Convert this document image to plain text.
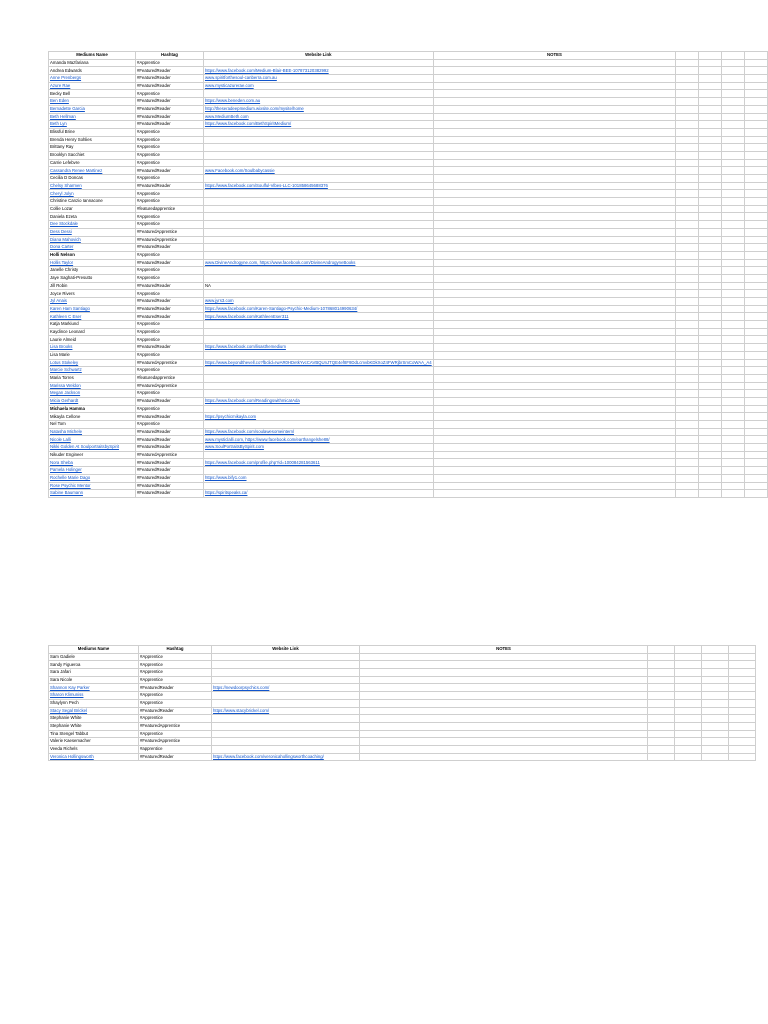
Mediums Name	Hashtag	Website Link	NOTES				
Amanda Mazfariana	#Apprentice						
Andrea Edwards	#FeaturedReader	https://www.facebook.com/Medium-Blair-BEE-107873120382992					
Anne Prenbergs	#FeaturedReader	www.spiritforthesoul-canberra.com.au					
Azure Rae	#FeaturedReader	www.mysticazurerae.com					
Becky Bell	#Apprentice						
Ben Eden	#FeaturedReader	https://www.beneden.com.au					
Bernadette Garcia	#FeaturedReader	http://theseradeepmedium.wixsite.com/mysite/home					
Beth Hellman	#FeaturedReader	www.MediumBeth.com					
Beth Lyn	#FeaturedReader	https://www.facebook.com/BethSpiritMedium/					
Blissful Brine	#Apprentice						
Brenda Henry Sohlies	#Apprentice						
Brittany Ray	#Apprentice						
Brooklyn Sacchiet	#Apprentice						
Carrie Lefebvre	#Apprentice						
Cassandra Renee Martinez	#FeaturedReader	www.Facebook.com/Soulbabycassie					
Cecilia D Doncas	#Apprentice						
Chelsy Sharmen	#FeaturedReader	https://www.facebook.com/Soulful-Vibes-LLC-101858645688376					
Cheryl Jolyn	#Apprentice						
Christine Canzio Iannacone	#Apprentice						
Collie Lozar	#featuredapprentice						
Daniela Ezeta	#Apprentice						
Dee Stockdale	#Apprentice						
Dess Dessi	#FeaturedApprentice						
Diana Mahovich	#FeaturedApprentice						
Dona Carter	#FeaturedReader						
Holli Nelson	#Apprentice						
Hollis Taylor	#FeaturedReader	www.DivineAndrogyne.com, https://www.facebook.com/DivineAndrogyneBooks					
Janelle Christy	#Apprentice						
Jaye Saghati-Presutto	#Apprentice						
Jill Robin	#FeaturedReader	NA					
Joyce Rivers	#Apprentice						
Jyl Anais	#FeaturedReader	www.jyrs3.com					
Karen Ham Santiago	#FeaturedReader	https://www.facebook.com/Karen-Santiago-Psychic-Medium-107868014990634/					
Kathleen C Eser	#FeaturedReader	https://www.facebook.com/KathleenEser311					
Katja Markiund	#Apprentice						
Kaydince Leonard	#Apprentice						
Laurie Almeid	#Apprentice						
Lisa Brooks	#FeaturedReader	https://www.facebook.com/lisasthemedium					
Lisa Marie	#Apprentice						
Lotus Stokeley	#FeaturedApprentice	https://www.beyondthevell.co?fbclid=IwAR0HDetkYvcCAVBQUnJTQE4ef8F9DdLcmvbKDkXoZ4FWRjbrSmCoWAA_A4					
Marcie Schwartz	#Apprentice						
Maria Torres	#featuredapprentice						
Marissa Weldon	#FeaturedApprentice						
Megan Jackson	#Apprentice						
Micia Gerhardt	#FeaturedReader	https://www.facebook.com/ReadingswithmicaIAda					
Michaela Hamma	#Apprentice						
Mikayla Cellone	#FeaturedReader	https://psychicmikayla.com					
Nel Tom	#Apprentice						
Natasha Michele	#FeaturedReader	https://www.facebook.com/soulawesomeinternl					
Nicole Lalli	#FeaturedReader	www.mysticlalli.com, https://www.facebook.com/earthangelshe88/					
Nikki Golden At SoulportraitsbySpirit	#FeaturedReader	www.SoulPortraitsBySpirit.com					
Nikuder Engineer	#FeaturedApprentice						
Nora Sheba	#FeaturedReader	https://www.facebook.com/profile.php?id=100084281563611					
Pamela Holinger	#FeaturedReader						
Rochelle Marie Dago	#FeaturedReader	https://www.bify1.com					
Rose Psychic Mentor	#FeaturedReader						
Sabine Baumann	#FeaturedReader	https://spiritspeaks.ca/					
Mediums Name	Hashtag	Website Link	NOTES				
Sam Gadiele	#Apprentice						
Sandy Figueroa	#Apprentice						
Sara Jafari	#Apprentice						
Sara Nicole	#Apprentice						
Shannon Kay Parker	#FeaturedReader	https://newdoorpsychics.com/					
Sharon Klimuniss	#Apprentice						
Shaylynn Pech	#Apprentice						
Stacy Segal Brickel	#FeaturedReader	https://www.stacybrickel.com/					
Stephanie White	#Apprentice						
Stephanie White	#FeaturedApprentice						
Tina Stengel Tabbut	#Apprentice						
Valerie Kaesemacher	#FeaturedApprentice						
Veeda Richels	#apprentice						
Veronica Hollingsworth	#FeaturedReader	https://www.facebook.com/veronicahollingsworthcoaching/					
